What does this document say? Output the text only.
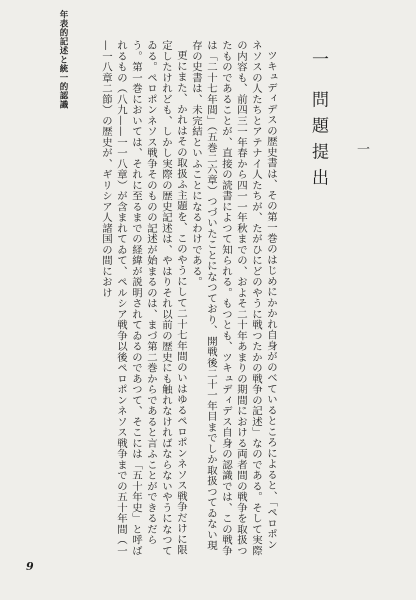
年表的記述と統一的認識	ツキュディデスの歴史書は、その第一巻のはじめにかかれ自身がのべているところによると、「ペロポンネソスの人たちとアテナイ人たちが、たがひにどのやうに戦つたかの戦争の記述」なのである。そして実際の内容も、前四三一年春から四一一年秋までの、およそ二十年あまりの期間における両者間の戦争を取扱つたものであることが、直接の読書によつて知られる。もつとも、ツキュディデス自身の認識では、この戦争は「二十七年間」（五巻二六章）つづいたことになつており、開戦後二十一年目までしか取扱つてゐない現存の史書は、未完結といふことになるわけである。

更にまた、かれはその取扱ふ主題を、このやうにして二十七年間のいはゆるペロポンネソス戦争だけに限定したけれども、しかし実際の歴史記述は、やはりそれ以前の歴史にも触れなければならないやうになつてゐる。ペロポンネソス戦争そのものの記述が始まるのは、まづ第二巻からであると言ふことができるだらう。第一巻においては、それに至るまでの経緯が説明されてゐるのであつて、そこには「五十年史」と呼ばれるもの（八九——一一八章）が含まれてゐて、ペルシア戦争以後ペロポンネソス戦争までの五十年間（一—一八章二節）の歴史が、ギリシア人諸国の間におけ	一 問題提出 一
9
